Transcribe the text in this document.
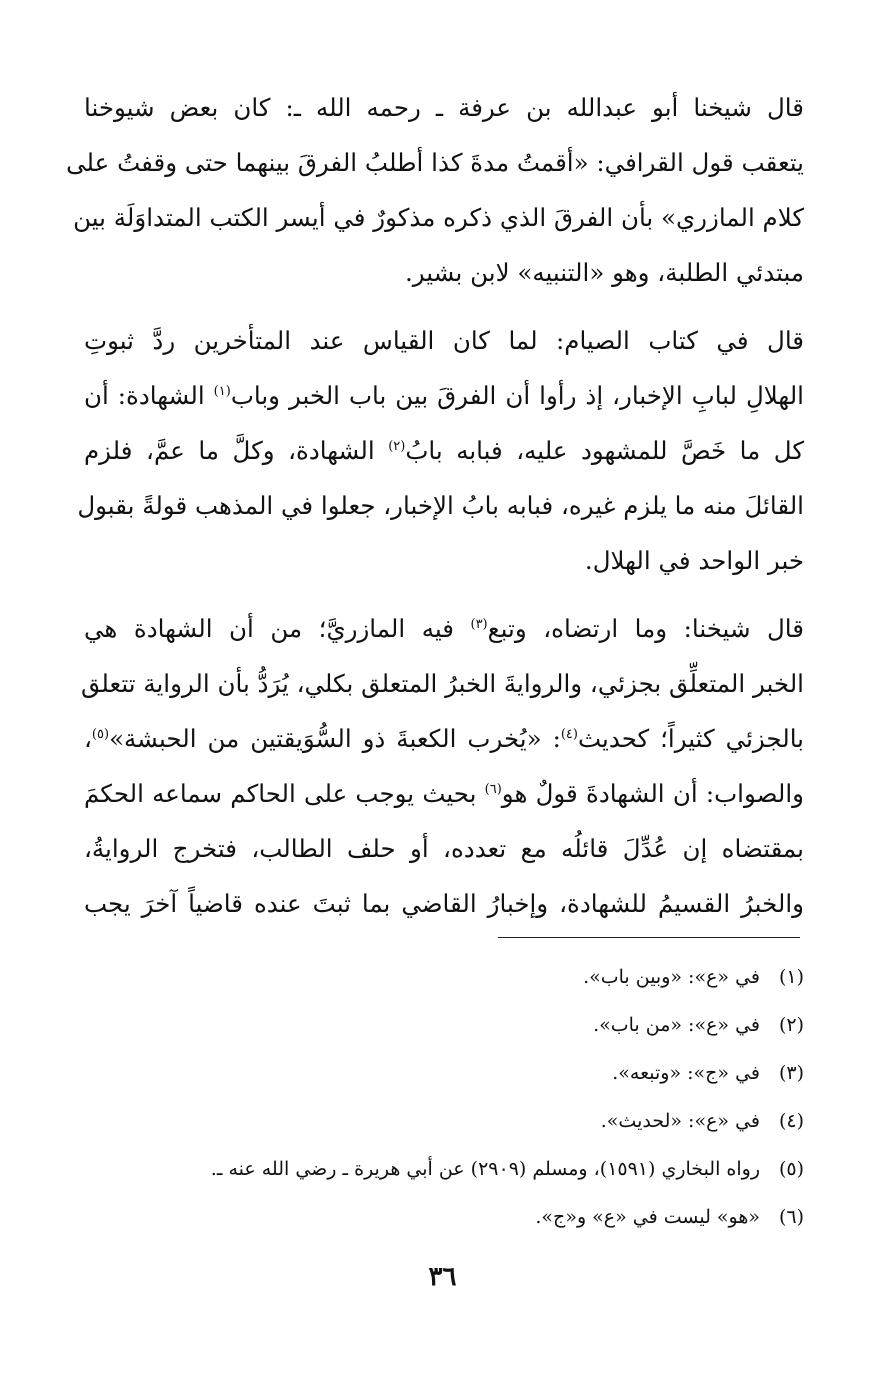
قال شيخنا أبو عبدالله بن عرفة ـ رحمه الله ـ: كان بعض شيوخنا
يتعقب قول القرافي: «أقمتُ مدةَ كذا أطلبُ الفرقَ بينهما حتى وقفتُ على
كلام المازري» بأن الفرقَ الذي ذكره مذكورٌ في أيسر الكتب المتداوَلَة بين
مبتدئي الطلبة، وهو «التنبيه» لابن بشير.

قال في كتاب الصيام: لما كان القياس عند المتأخرين ردَّ ثبوتِ
الهلالِ لبابِ الإخبار، إذ رأوا أن الفرقَ بين باب الخبر وباب$^{(١)}$ الشهادة: أن
كل ما خَصَّ للمشهود عليه، فبابه بابُ$^{(٢)}$ الشهادة، وكلَّ ما عمَّ، فلزم
القائلَ منه ما يلزم غيره، فبابه بابُ الإخبار، جعلوا في المذهب قولةً بقبول
خبر الواحد في الهلال.

قال شيخنا: وما ارتضاه، وتبع$^{(٣)}$ فيه المازريَّ؛ من أن الشهادة هي
الخبر المتعلِّق بجزئي، والروايةَ الخبرُ المتعلق بكلي، يُرَدُّ بأن الرواية تتعلق
بالجزئي كثيراً؛ كحديث$^{(٤)}$: «يُخرب الكعبةَ ذو السُّوَيقتين من الحبشة»$^{(٥)}$،
والصواب: أن الشهادةَ قولٌ هو$^{(٦)}$ بحيث يوجب على الحاكم سماعه الحكمَ
بمقتضاه إن عُدِّلَ قائلُه مع تعدده، أو حلف الطالب، فتخرج الروايةُ،
والخبرُ القسيمُ للشهادة، وإخبارُ القاضي بما ثبتَ عنده قاضياً آخرَ يجب

(١)في «ع»: «وبين باب».
(٢)في «ع»: «من باب».
(٣)في «ج»: «وتبعه».
(٤)في «ع»: «لحديث».
(٥)رواه البخاري (١٥٩١)، ومسلم (٢٩٠٩) عن أبي هريرة ـ رضي الله عنه ـ.
(٦)«هو» ليست في «ع» و«ج».
٣٦
